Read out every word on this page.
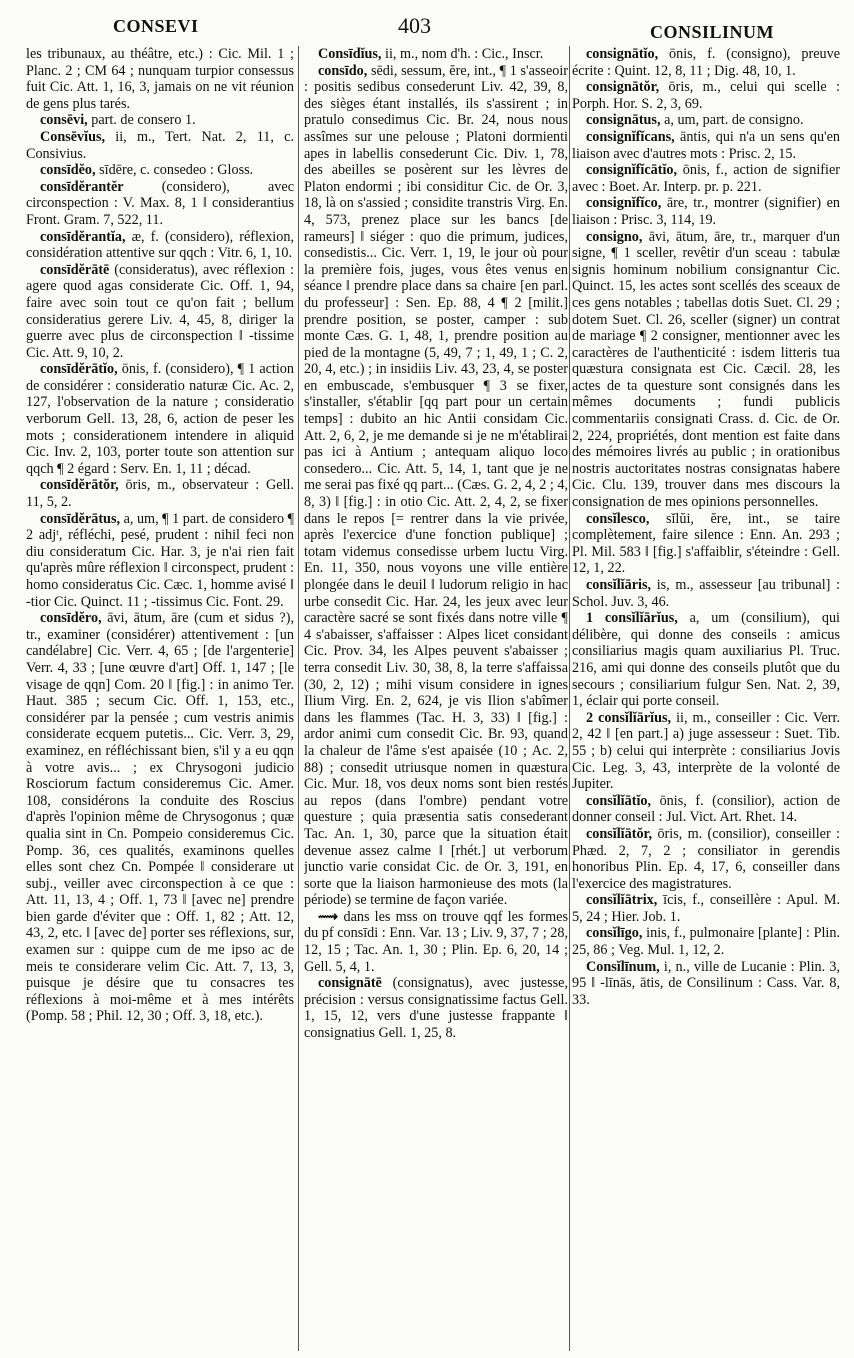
CONSEVI	403	CONSILINUM

les tribunaux, au théâtre, etc.) : Cic. Mil. 1 ; Planc. 2 ; CM 64 ; nunquam turpior consessus fuit Cic. Att. 1, 16, 3, jamais on ne vit réunion de gens plus tarés.

consēvi, part. de consero 1.

Consēvĭus, ii, m., Tert. Nat. 2, 11, c. Consivius.

consīdĕo, sīdēre, c. consedeo : Gloss.

consīdĕrantĕr (considero), avec circonspection : V. Max. 8, 1 ‖ considerantius Front. Gram. 7, 522, 11.

consīdĕrantĭa, æ, f. (considero), réflexion, considération attentive sur qqch : Vitr. 6, 1, 10.

consīdĕrātē (consideratus), avec réflexion : agere quod agas considerate Cic. Off. 1, 94, faire avec soin tout ce qu'on fait ; bellum consideratius gerere Liv. 4, 45, 8, diriger la guerre avec plus de circonspection ‖ -tissime Cic. Att. 9, 10, 2.

consīdĕrātĭo, ōnis, f. (considero), ¶ 1 action de considérer : consideratio naturæ Cic. Ac. 2, 127, l'observation de la nature ; consideratio verborum Gell. 13, 28, 6, action de peser les mots ; considerationem intendere in aliquid Cic. Inv. 2, 103, porter toute son attention sur qqch ¶ 2 égard : Serv. En. 1, 11 ; décad.

consīdĕrātŏr, ōris, m., observateur : Gell. 11, 5, 2.

consīdĕrātus, a, um, ¶ 1 part. de considero ¶ 2 adjᵗ, réfléchi, pesé, prudent : nihil feci non diu consideratum Cic. Har. 3, je n'ai rien fait qu'après mûre réflexion ‖ circonspect, prudent : homo consideratus Cic. Cæc. 1, homme avisé ‖ -tior Cic. Quinct. 11 ; -tissimus Cic. Font. 29.

consīdĕro, āvi, ātum, āre (cum et sidus ?), tr., examiner (considérer) attentivement : [un candélabre] Cic. Verr. 4, 65 ; [de l'argenterie] Verr. 4, 33 ; [une œuvre d'art] Off. 1, 147 ; [le visage de qqn] Com. 20 ‖ [fig.] : in animo Ter. Haut. 385 ; secum Cic. Off. 1, 153, etc., considérer par la pensée ; cum vestris animis considerate ecquem putetis... Cic. Verr. 3, 29, examinez, en réfléchissant bien, s'il y a eu qqn à votre avis... ; ex Chrysogoni judicio Rosciorum factum consideremus Cic. Amer. 108, considérons la conduite des Roscius d'après l'opinion même de Chrysogonus ; quæ qualia sint in Cn. Pompeio consideremus Cic. Pomp. 36, ces qualités, examinons quelles elles sont chez Cn. Pompée ‖ considerare ut subj., veiller avec circonspection à ce que : Att. 11, 13, 4 ; Off. 1, 73 ‖ [avec ne] prendre bien garde d'éviter que : Off. 1, 82 ; Att. 12, 43, 2, etc. ‖ [avec de] porter ses réflexions, sur, examen sur : quippe cum de me ipso ac de meis te considerare velim Cic. Att. 7, 13, 3, puisque je désire que tu consacres tes réflexions à moi-même et à mes intérêts (Pomp. 58 ; Phil. 12, 30 ; Off. 3, 18, etc.).

Consīdĭus, ii, m., nom d'h. : Cic., Inscr.

consīdo, sēdi, sessum, ĕre, int., ¶ 1 s'asseoir : positis sedibus consederunt Liv. 42, 39, 8, des sièges étant installés, ils s'assirent ; in pratulo consedimus Cic. Br. 24, nous nous assîmes sur une pelouse ; Platoni dormienti apes in labellis consederunt Cic. Div. 1, 78, des abeilles se posèrent sur les lèvres de Platon endormi ; ibi considitur Cic. de Or. 3, 18, là on s'assied ; considite transtris Virg. En. 4, 573, prenez place sur les bancs [de rameurs] ‖ siéger : quo die primum, judices, consedistis... Cic. Verr. 1, 19, le jour où pour la première fois, juges, vous êtes venus en séance ‖ prendre place dans sa chaire [en parl. du professeur] : Sen. Ep. 88, 4 ¶ 2 [milit.] prendre position, se poster, camper : sub monte Cæs. G. 1, 48, 1, prendre position au pied de la montagne (5, 49, 7 ; 1, 49, 1 ; C. 2, 20, 4, etc.) ; in insidiis Liv. 43, 23, 4, se poster en embuscade, s'embusquer ¶ 3 se fixer, s'installer, s'établir [qq part pour un certain temps] : dubito an hic Antii considam Cic. Att. 2, 6, 2, je me demande si je ne m'établirai pas ici à Antium ; antequam aliquo loco consedero... Cic. Att. 5, 14, 1, tant que je ne me serai pas fixé qq part... (Cæs. G. 2, 4, 2 ; 4, 8, 3) ‖ [fig.] : in otio Cic. Att. 2, 4, 2, se fixer dans le repos [= rentrer dans la vie privée, après l'exercice d'une fonction publique] ; totam videmus consedisse urbem luctu Virg. En. 11, 350, nous voyons une ville entière plongée dans le deuil ‖ ludorum religio in hac urbe consedit Cic. Har. 24, les jeux avec leur caractère sacré se sont fixés dans notre ville ¶ 4 s'abaisser, s'affaisser : Alpes licet considant Cic. Prov. 34, les Alpes peuvent s'abaisser ; terra consedit Liv. 30, 38, 8, la terre s'affaissa (30, 2, 12) ; mihi visum considere in ignes Ilium Virg. En. 2, 624, je vis Ilion s'abîmer dans les flammes (Tac. H. 3, 33) ‖ [fig.] : ardor animi cum consedit Cic. Br. 93, quand la chaleur de l'âme s'est apaisée (10 ; Ac. 2, 88) ; consedit utriusque nomen in quæstura Cic. Mur. 18, vos deux noms sont bien restés au repos (dans l'ombre) pendant votre questure ; quia præsentia satis consederant Tac. An. 1, 30, parce que la situation était devenue assez calme ‖ [rhét.] ut verborum junctio varie considat Cic. de Or. 3, 191, en sorte que la liaison harmonieuse des mots (la période) se termine de façon variée.

⟿ dans les mss on trouve qqf les formes du pf consīdi : Enn. Var. 13 ; Liv. 9, 37, 7 ; 28, 12, 15 ; Tac. An. 1, 30 ; Plin. Ep. 6, 20, 14 ; Gell. 5, 4, 1.

consignātē (consignatus), avec justesse, précision : versus consignatissime factus Gell. 1, 15, 12, vers d'une justesse frappante ‖ consignatius Gell. 1, 25, 8.

consignātĭo, ōnis, f. (consigno), preuve écrite : Quint. 12, 8, 11 ; Dig. 48, 10, 1.

consignātŏr, ōris, m., celui qui scelle : Porph. Hor. S. 2, 3, 69.

consignātus, a, um, part. de consigno.

consignĭfĭcans, āntis, qui n'a un sens qu'en liaison avec d'autres mots : Prisc. 2, 15.

consignĭfĭcātĭo, ōnis, f., action de signifier avec : Boet. Ar. Interp. pr. p. 221.

consignĭfĭco, āre, tr., montrer (signifier) en liaison : Prisc. 3, 114, 19.

consigno, āvi, ātum, āre, tr., marquer d'un signe, ¶ 1 sceller, revêtir d'un sceau : tabulæ signis hominum nobilium consignantur Cic. Quinct. 15, les actes sont scellés des sceaux de ces gens notables ; tabellas dotis Suet. Cl. 29 ; dotem Suet. Cl. 26, sceller (signer) un contrat de mariage ¶ 2 consigner, mentionner avec les caractères de l'authenticité : isdem litteris tua quæstura consignata est Cic. Cæcil. 28, les actes de ta questure sont consignés dans les mêmes documents ; fundi publicis commentariis consignati Crass. d. Cic. de Or. 2, 224, propriétés, dont mention est faite dans des mémoires livrés au public ; in orationibus nostris auctoritates nostras consignatas habere Cic. Clu. 139, trouver dans mes discours la consignation de mes opinions personnelles.

consĭlesco, sĭlŭi, ĕre, int., se taire complètement, faire silence : Enn. An. 293 ; Pl. Mil. 583 ‖ [fig.] s'affaiblir, s'éteindre : Gell. 12, 1, 22.

consĭlĭāris, is, m., assesseur [au tribunal] : Schol. Juv. 3, 46.

1 consĭlĭārĭus, a, um (consilium), qui délibère, qui donne des conseils : amicus consiliarius magis quam auxiliarius Pl. Truc. 216, ami qui donne des conseils plutôt que du secours ; consiliarium fulgur Sen. Nat. 2, 39, 1, éclair qui porte conseil.

2 consĭlĭārĭus, ii, m., conseiller : Cic. Verr. 2, 42 ‖ [en part.] a) juge assesseur : Suet. Tib. 55 ; b) celui qui interprète : consiliarius Jovis Cic. Leg. 3, 43, interprète de la volonté de Jupiter.

consĭlĭātĭo, ōnis, f. (consilior), action de donner conseil : Jul. Vict. Art. Rhet. 14.

consĭlĭātŏr, ōris, m. (consilior), conseiller : Phæd. 2, 7, 2 ; consiliator in gerendis honoribus Plin. Ep. 4, 17, 6, conseiller dans l'exercice des magistratures.

consĭlĭātrix, īcis, f., conseillère : Apul. M. 5, 24 ; Hier. Job. 1.

consĭlīgo, inis, f., pulmonaire [plante] : Plin. 25, 86 ; Veg. Mul. 1, 12, 2.

Consĭlīnum, i, n., ville de Lucanie : Plin. 3, 95 ‖ -līnās, ātis, de Consilinum : Cass. Var. 8, 33.
